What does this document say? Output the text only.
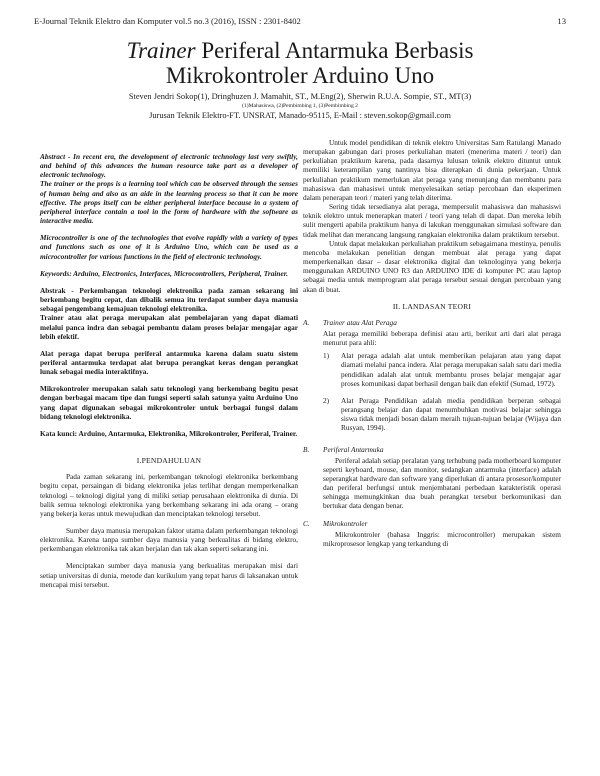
E-Journal Teknik Elektro dan Komputer vol.5 no.3 (2016), ISSN : 2301-8402	13
Trainer Periferal Antarmuka Berbasis
Mikrokontroler Arduino Uno
Steven Jendri Sokop(1), Dringhuzen J. Mamahit, ST., M.Eng(2), Sherwin R.U.A. Sompie, ST., MT(3)
(1)Mahasiswa, (2)Pembimbing 1, (3)Pembimbing 2
Jurusan Teknik Elektro-FT. UNSRAT, Manado-95115, E-Mail : steven.sokop@gmail.com

Abstract - In recent era, the development of electronic technology last very swiftly, and behind of this advances the human resource take part as a developer of electronic technology.

The trainer or the props is a learning tool which can be observed through the senses of human being and also as an aide in the learning process so that it can be more effective. The props itself can be either peripheral interface because in a system of peripheral interface contain a tool in the form of hardware with the software as interactive media.

Microcontroller is one of the technologies that evolve rapidly with a variety of types and functions such as one of it is Arduino Uno, which can be used as a microcontroller for various functions in the field of electronic technology.

Keywords: Arduino, Electronics, Interfaces, Microcontrollers, Peripheral, Trainer.

Abstrak - Perkembangan teknologi elektronika pada zaman sekarang ini berkembang begitu cepat, dan dibalik semua itu terdapat sumber daya manusia sebagai pengembang kemajuan teknologi elektronika.

Trainer atau alat peraga merupakan alat pembelajaran yang dapat diamati melalui panca indra dan sebagai pembantu dalam proses belajar mengajar agar lebih efektif.

Alat peraga dapat berupa periferal antarmuka karena dalam suatu sistem periferal antarmuka terdapat alat berupa perangkat keras dengan perangkat lunak sebagai media interaktifnya.

Mikrokontroler merupakan salah satu teknologi yang berkembang begitu pesat dengan berbagai macam tipe dan fungsi seperti salah satunya yaitu Arduino Uno yang dapat digunakan sebagai mikrokontroler untuk berbagai fungsi dalam bidang teknologi elektronika.

Kata kunci: Arduino, Antarmuka, Elektronika, Mikrokontroler, Periferal, Trainer.

I.PENDAHULUAN

Pada zaman sekarang ini, perkembangan teknologi elektronika berkembang begitu cepat, persaingan di bidang elektronika jelas terlihat dengan memperkenalkan teknologi – teknologi digital yang di miliki setiap perusahaan elektronika di dunia. Di balik semua teknologi elektronika yang berkembang sekarang ini ada orang – orang yang bekerja keras untuk mewujudkan dan menciptakan teknologi tersebut.

Sumber daya manusia merupakan faktor utama dalam perkembangan teknologi elektronika. Karena tanpa sumber daya manusia yang berkualitas di bidang elektro, perkembangan elektronika tak akan berjalan dan tak akan seperti sekarang ini.

Menciptakan sumber daya manusia yang berkualitas merupakan misi dari setiap universitas di dunia, metode dan kurikulum yang tepat harus di laksanakan untuk mencapai misi tersebut.

Untuk model pendidikan di teknik elektro Universitas Sam Ratulangi Manado merupakan gabungan dari proses perkuliahan materi (menerima materi / teori) dan perkuliahan praktikum karena, pada dasarnya lulusan teknik elektro dituntut untuk memiliki keterampilan yang nantinya bisa diterapkan di dunia pekerjaan. Untuk perkuliahan praktikum memerlukan alat peraga yang menunjang dan membantu para mahasiswa dan mahasiswi untuk menyelesaikan setiap percobaan dan eksperimen dalam penerapan teori / materi yang telah diterima.

Sering tidak tersedianya alat peraga, mempersulit mahasiswa dan mahasiswi teknik elektro untuk menerapkan materi / teori yang telah di dapat. Dan mereka lebih sulit mengerti apabila praktikum hanya di lakukan menggunakan simulasi software dan tidak melihat dan merancang langsung rangkaian elektronika dalam praktikum tersebut.

Untuk dapat melakukan perkuliahan praktikum sebagaimana mestinya, penulis mencoba melakukan penelitian dengan membuat alat peraga yang dapat memperkenalkan dasar – dasar elektronika digital dan teknologinya yang bekerja menggunakan ARDUINO UNO R3 dan ARDUINO IDE di komputer PC atau laptop sebagai media untuk memprogram alat peraga tersebut sesuai dengan percobaan yang akan di buat.

II. LANDASAN TEORI
A.	Trainer atau Alat Peraga
Alat peraga memiliki beberapa definisi atau arti, berikut arti dari alat peraga menurut para ahli:
1)	Alat peraga adalah alat untuk memberikan pelajaran atau yang dapat diamati melalui panca indera. Alat peraga merupakan salah satu dari media pendidikan adalah alat untuk membantu proses belajar mengajar agar proses komunikasi dapat berhasil dengan baik dan efektif (Sumad, 1972).
2)	Alat Peraga Pendidikan adalah media pendidikan berperan sebagai perangsang belajar dan dapat menumbuhkan motivasi belajar sehingga siswa tidak menjadi bosan dalam meraih tujuan-tujuan belajar (Wijaya dan Rusyan, 1994).
B.	Periferal Antarmuka

Periferal adalah setiap peralatan yang terhubung pada motherboard komputer seperti keyboard, mouse, dan monitor, sedangkan antarmuka (interface) adalah seperangkat hardware dan software yang diperlukan di antara prosesor/komputer dan periferal berfungsi untuk menjembatani perbedaan karakteristik operasi sehingga memungkinkan dua buah perangkat tersebut berkomunikasi dan bertukar data dengan benar.

C.	Mikrokontroler

Mikrokontroler (bahasa Inggris: microcontroller) merupakan sistem mikroprosesor lengkap yang terkandung di
